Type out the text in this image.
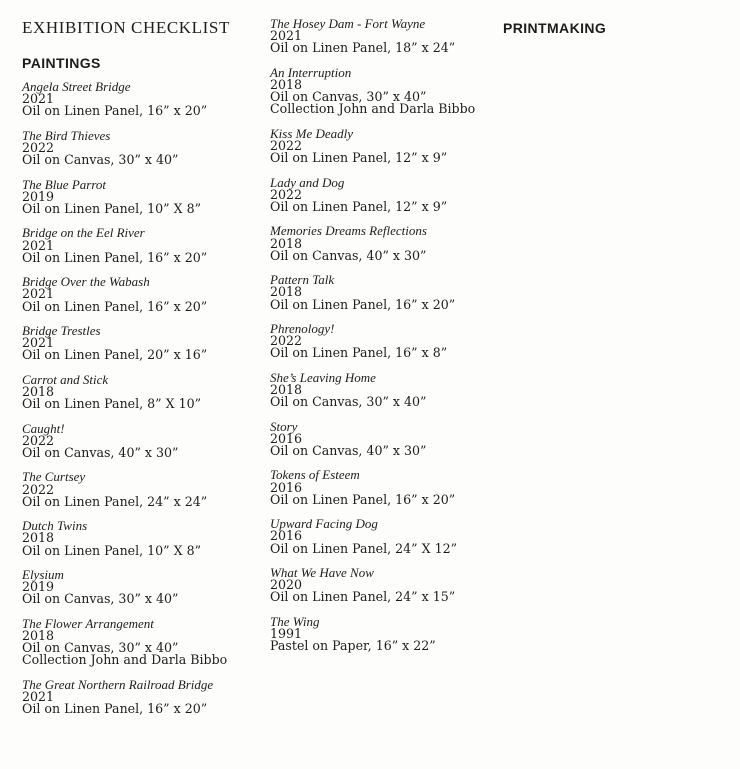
EXHIBITION CHECKLIST
PAINTINGS
PRINTMAKING
Angela Street Bridge
2021
Oil on Linen Panel, 16” x 20”
The Bird Thieves
2022
Oil on Canvas, 30” x 40”
The Blue Parrot
2019
Oil on Linen Panel, 10” X 8”
Bridge on the Eel River
2021
Oil on Linen Panel, 16” x 20”
Bridge Over the Wabash
2021
Oil on Linen Panel, 16” x 20”
Bridge Trestles
2021
Oil on Linen Panel, 20” x 16”
Carrot and Stick
2018
Oil on Linen Panel, 8” X 10”
Caught!
2022
Oil on Canvas, 40” x 30”
The Curtsey
2022
Oil on Linen Panel, 24” x 24”
Dutch Twins
2018
Oil on Linen Panel, 10” X 8”
Elysium
2019
Oil on Canvas, 30” x 40”
The Flower Arrangement
2018
Oil on Canvas, 30” x 40”
Collection John and Darla Bibbo
The Great Northern Railroad Bridge
2021
Oil on Linen Panel, 16” x 20”
The Hosey Dam - Fort Wayne
2021
Oil on Linen Panel, 18” x 24”
An Interruption
2018
Oil on Canvas, 30” x 40”
Collection John and Darla Bibbo
Kiss Me Deadly
2022
Oil on Linen Panel, 12” x 9”
Lady and Dog
2022
Oil on Linen Panel, 12” x 9”
Memories Dreams Reflections
2018
Oil on Canvas, 40” x 30”
Pattern Talk
2018
Oil on Linen Panel, 16” x 20”
Phrenology!
2022
Oil on Linen Panel, 16” x 8”
She’s Leaving Home
2018
Oil on Canvas, 30” x 40”
Story
2016
Oil on Canvas, 40” x 30”
Tokens of Esteem
2016
Oil on Linen Panel, 16” x 20”
Upward Facing Dog
2016
Oil on Linen Panel, 24” X 12”
What We Have Now
2020
Oil on Linen Panel, 24” x 15”
The Wing
1991
Pastel on Paper, 16” x 22”
